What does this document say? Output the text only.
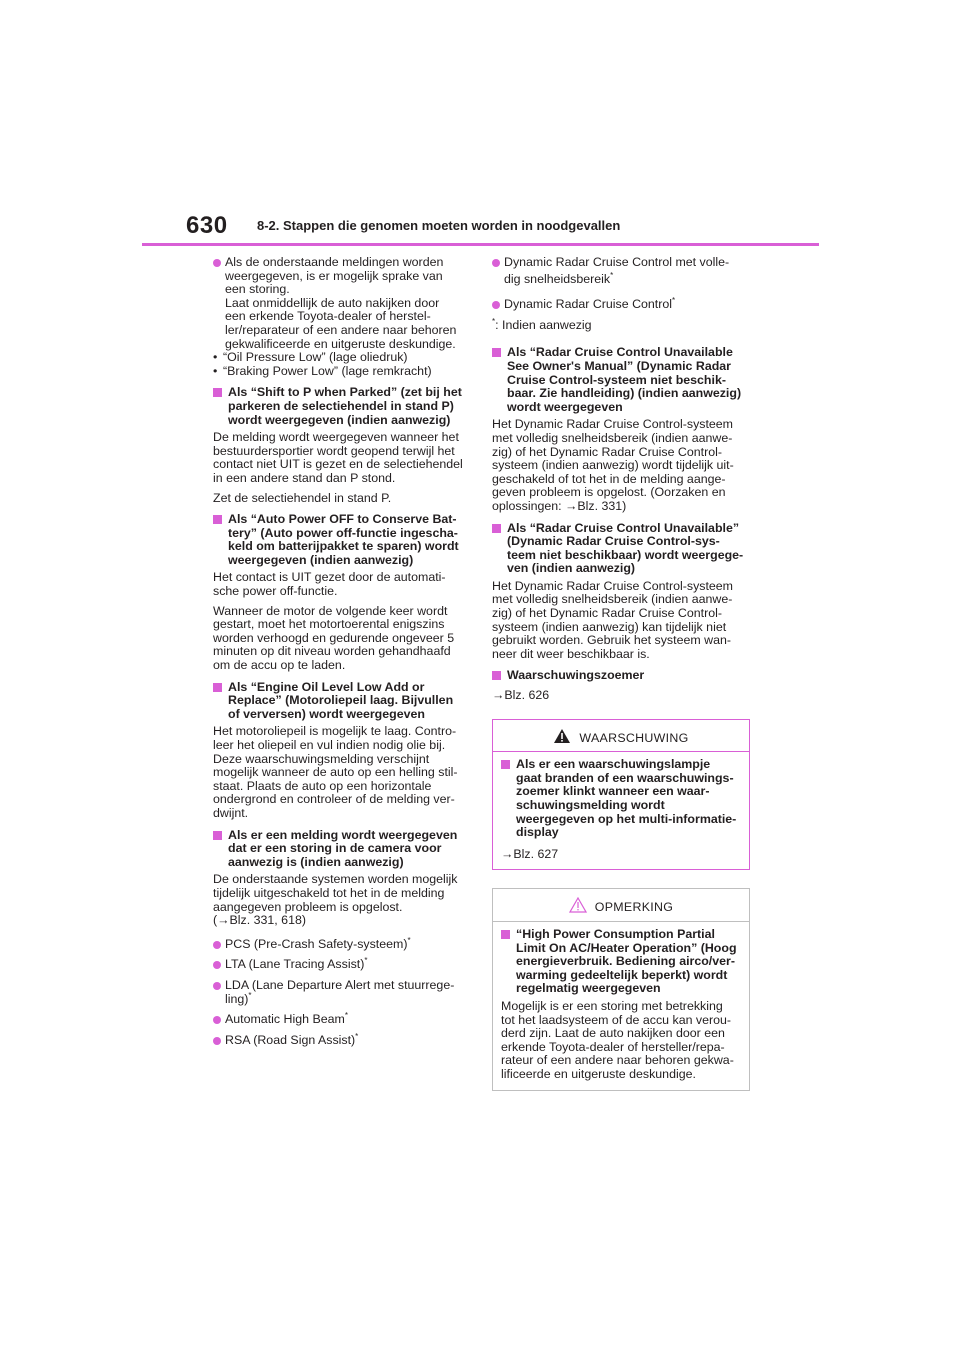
630 8-2. Stappen die genomen moeten worden in noodgevallen
Als de onderstaande meldingen worden
weergegeven, is er mogelijk sprake van
een storing.
Laat onmiddellijk de auto nakijken door
een erkende Toyota-dealer of herstel-
ler/reparateur of een andere naar behoren
gekwalificeerde en uitgeruste deskundige.
• “Oil Pressure Low” (lage oliedruk)
• “Braking Power Low” (lage remkracht)
Als “Shift to P when Parked” (zet bij het
parkeren de selectiehendel in stand P)
wordt weergegeven (indien aanwezig)
De melding wordt weergegeven wanneer het
bestuurdersportier wordt geopend terwijl het
contact niet UIT is gezet en de selectiehendel
in een andere stand dan P stond.
Zet de selectiehendel in stand P.
Als “Auto Power OFF to Conserve Bat-
tery” (Auto power off-functie ingescha-
keld om batterijpakket te sparen) wordt
weergegeven (indien aanwezig)
Het contact is UIT gezet door de automati-
sche power off-functie.
Wanneer de motor de volgende keer wordt
gestart, moet het motortoerental enigszins
worden verhoogd en gedurende ongeveer 5
minuten op dit niveau worden gehandhaafd
om de accu op te laden.
Als “Engine Oil Level Low Add or
Replace” (Motoroliepeil laag. Bijvullen
of verversen) wordt weergegeven
Het motoroliepeil is mogelijk te laag. Contro-
leer het oliepeil en vul indien nodig olie bij.
Deze waarschuwingsmelding verschijnt
mogelijk wanneer de auto op een helling stil-
staat. Plaats de auto op een horizontale
ondergrond en controleer of de melding ver-
dwijnt.
Als er een melding wordt weergegeven
dat er een storing in de camera voor
aanwezig is (indien aanwezig)
De onderstaande systemen worden mogelijk
tijdelijk uitgeschakeld tot het in de melding
aangegeven probleem is opgelost.
(→Blz. 331, 618)
PCS (Pre-Crash Safety-systeem)*
LTA (Lane Tracing Assist)*
LDA (Lane Departure Alert met stuurrege-
ling)*
Automatic High Beam*
RSA (Road Sign Assist)*
Dynamic Radar Cruise Control met volle-
dig snelheidsbereik*
Dynamic Radar Cruise Control*
*: Indien aanwezig
Als “Radar Cruise Control Unavailable
See Owner's Manual” (Dynamic Radar
Cruise Control-systeem niet beschik-
baar. Zie handleiding) (indien aanwezig)
wordt weergegeven
Het Dynamic Radar Cruise Control-systeem
met volledig snelheidsbereik (indien aanwe-
zig) of het Dynamic Radar Cruise Control-
systeem (indien aanwezig) wordt tijdelijk uit-
geschakeld of tot het in de melding aange-
geven probleem is opgelost. (Oorzaken en
oplossingen: →Blz. 331)
Als “Radar Cruise Control Unavailable”
(Dynamic Radar Cruise Control-sys-
teem niet beschikbaar) wordt weergege-
ven (indien aanwezig)
Het Dynamic Radar Cruise Control-systeem
met volledig snelheidsbereik (indien aanwe-
zig) of het Dynamic Radar Cruise Control-
systeem (indien aanwezig) kan tijdelijk niet
gebruikt worden. Gebruik het systeem wan-
neer dit weer beschikbaar is.
Waarschuwingszoemer
→Blz. 626
WAARSCHUWING
Als er een waarschuwingslampje
gaat branden of een waarschuwings-
zoemer klinkt wanneer een waar-
schuwingsmelding wordt
weergegeven op het multi-informatie-
display
→Blz. 627
OPMERKING
“High Power Consumption Partial
Limit On AC/Heater Operation” (Hoog
energieverbruik. Bediening airco/ver-
warming gedeeltelijk beperkt) wordt
regelmatig weergegeven
Mogelijk is er een storing met betrekking
tot het laadsysteem of de accu kan verou-
derd zijn. Laat de auto nakijken door een
erkende Toyota-dealer of hersteller/repa-
rateur of een andere naar behoren gekwa-
lificeerde en uitgeruste deskundige.
